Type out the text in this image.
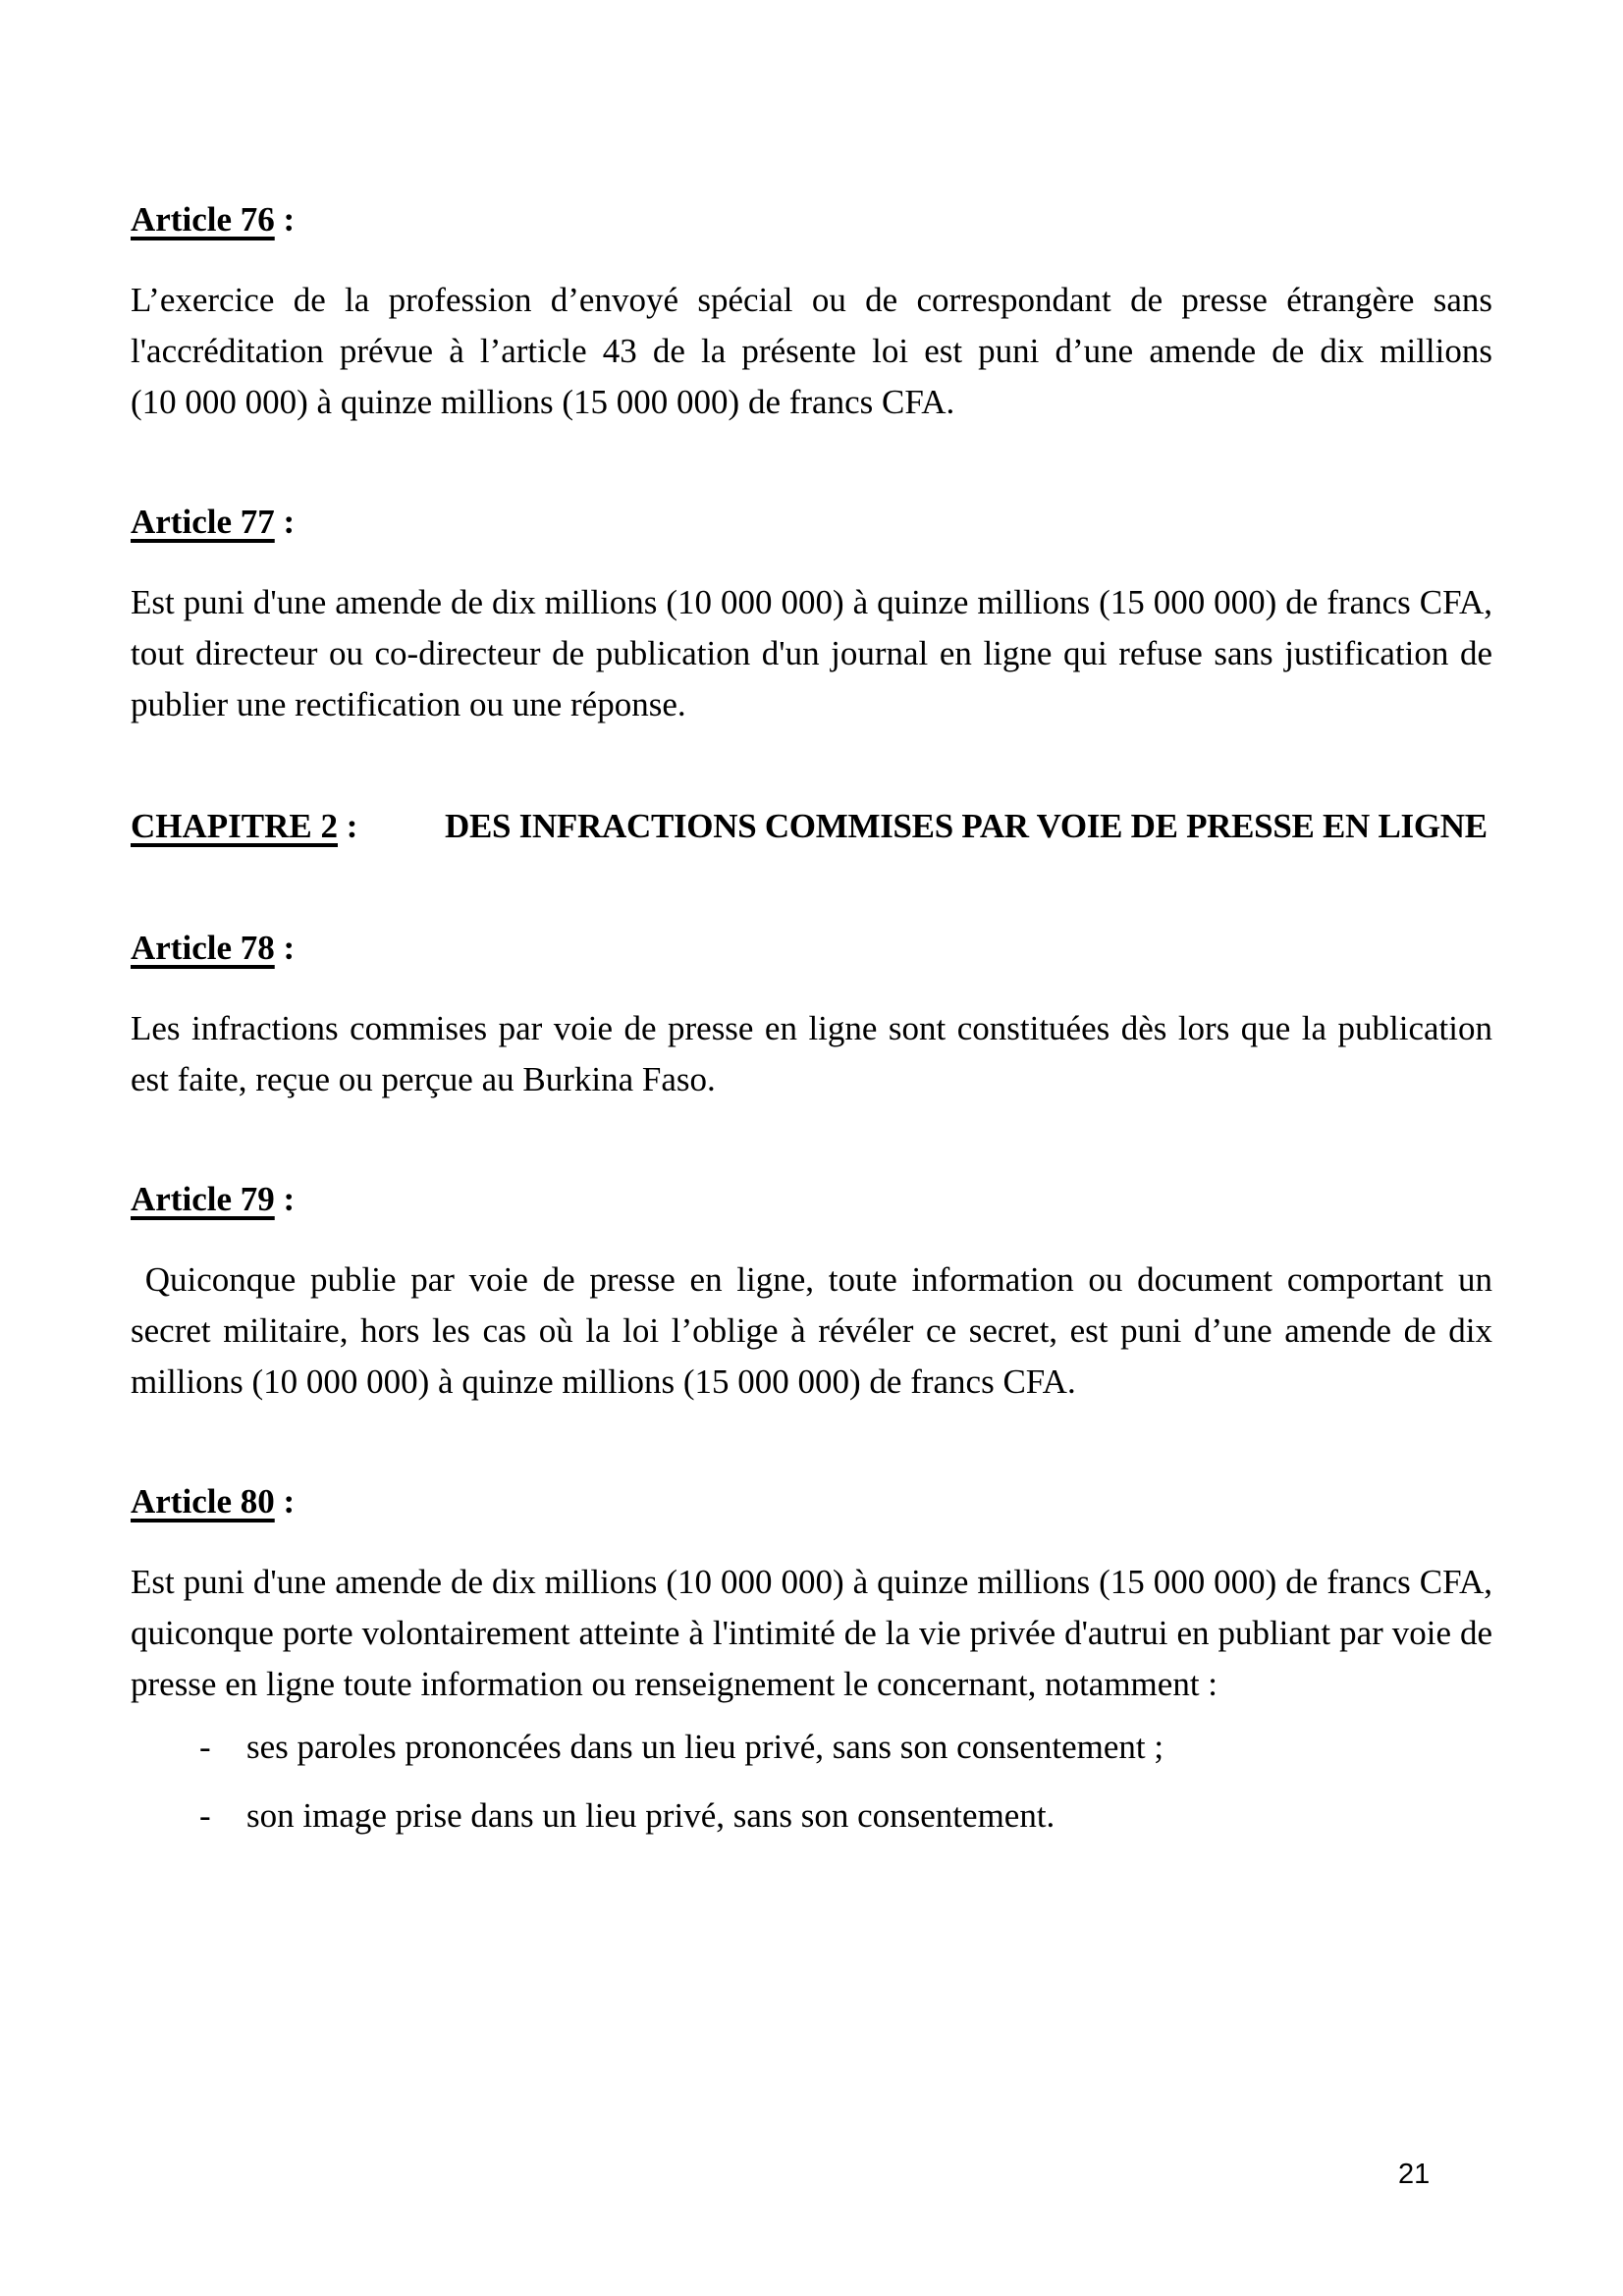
Article 76 :

L’exercice de la profession d’envoyé spécial ou de correspondant de presse étrangère sans l'accréditation prévue à l’article 43 de la présente loi est puni d’une amende de dix millions (10 000 000) à quinze millions (15 000 000) de francs CFA.

Article 77 :

Est puni d'une amende de dix millions (10 000 000) à quinze millions (15 000 000) de francs CFA, tout directeur ou co-directeur de publication d'un journal en ligne qui refuse sans justification de publier une rectification ou une réponse.

CHAPITRE 2 :	DES INFRACTIONS COMMISES PAR VOIE DE PRESSE EN LIGNE
Article 78 :

Les infractions commises par voie de presse en ligne sont constituées dès lors que la publication est faite, reçue ou perçue au Burkina Faso.

Article 79 :

Quiconque publie par voie de presse en ligne, toute information ou document comportant un secret militaire, hors les cas où la loi l’oblige à révéler ce secret, est puni d’une amende de dix millions (10 000 000) à quinze millions (15 000 000) de francs CFA.

Article 80 :

Est puni d'une amende de dix millions (10 000 000) à quinze millions (15 000 000) de francs CFA, quiconque porte volontairement atteinte à l'intimité de la vie privée d'autrui en publiant par voie de presse en ligne toute information ou renseignement le concernant, notamment :

-	ses paroles prononcées dans un lieu privé, sans son consentement ;
-	son image prise dans un lieu privé, sans son consentement.
21
